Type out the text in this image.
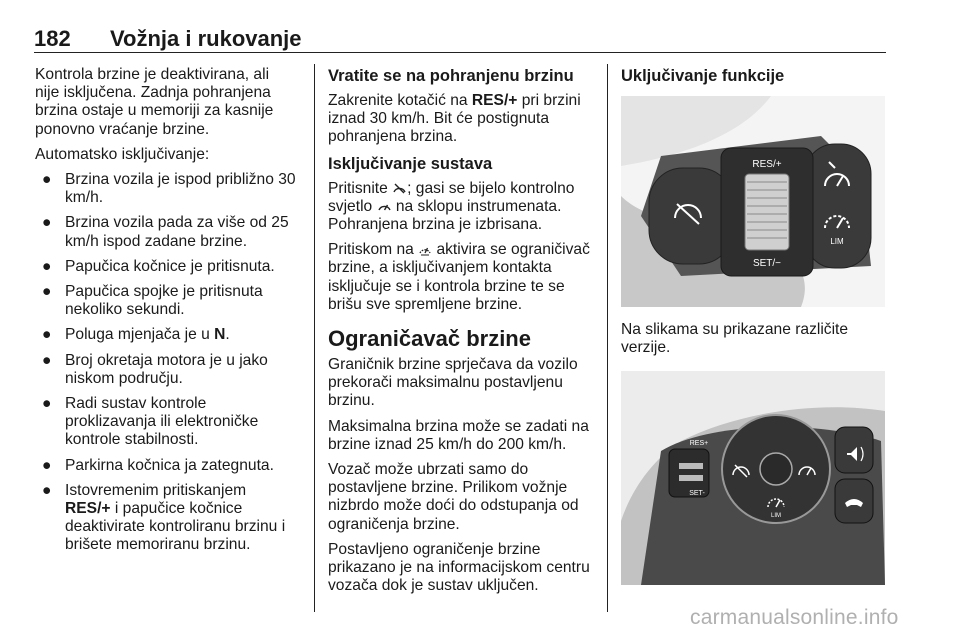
182 Vožnja i rukovanje

Kontrola brzine je deaktivirana, ali nije isključena. Zadnja pohranjena brzina ostaje u memoriji za kasnije ponovno vraćanje brzine.

Automatsko isključivanje:

● Brzina vozila je ispod približno 30 km/h.
● Brzina vozila pada za više od 25 km/h ispod zadane brzine.
● Papučica kočnice je pritisnuta.
● Papučica spojke je pritisnuta nekoliko sekundi.
● Poluga mjenjača je u N.
● Broj okretaja motora je u jako niskom području.
● Radi sustav kontrole proklizavanja ili elektroničke kontrole stabilnosti.
● Parkirna kočnica ja zategnuta.
● Istovremenim pritiskanjem
RES/+ i papučice kočnice deaktivirate kontroliranu brzinu i brišete memoriranu brzinu.
Vratite se na pohranjenu brzinu

Zakrenite kotačić na RES/+ pri brzini iznad 30 km/h. Bit će postignuta pohranjena brzina.

Isključivanje sustava

Pritisnite ; gasi se bijelo kontrolno svjetlo  na sklopu instrumenata. Pohranjena brzina je izbrisana.

Pritiskom na  aktivira se ograničivač brzine, a isključivanjem kontakta isključuje se i kontrola brzine te se brišu sve spremljene brzine.

Ograničavač brzine

Graničnik brzine sprječava da vozilo prekorači maksimalnu postavljenu brzinu.

Maksimalna brzina može se zadati na brzine iznad 25 km/h do 200 km/h.

Vozač može ubrzati samo do postavljene brzine. Prilikom vožnje nizbrdo može doći do odstupanja od ograničenja brzine.

Postavljeno ograničenje brzine prikazano je na informacijskom centru vozača dok je sustav uključen.

Uključivanje funkcije
RES/+
SET/−
LIM

Na slikama su prikazane različite verzije.

RES+
SET-
LIM
carmanualsonline.info
